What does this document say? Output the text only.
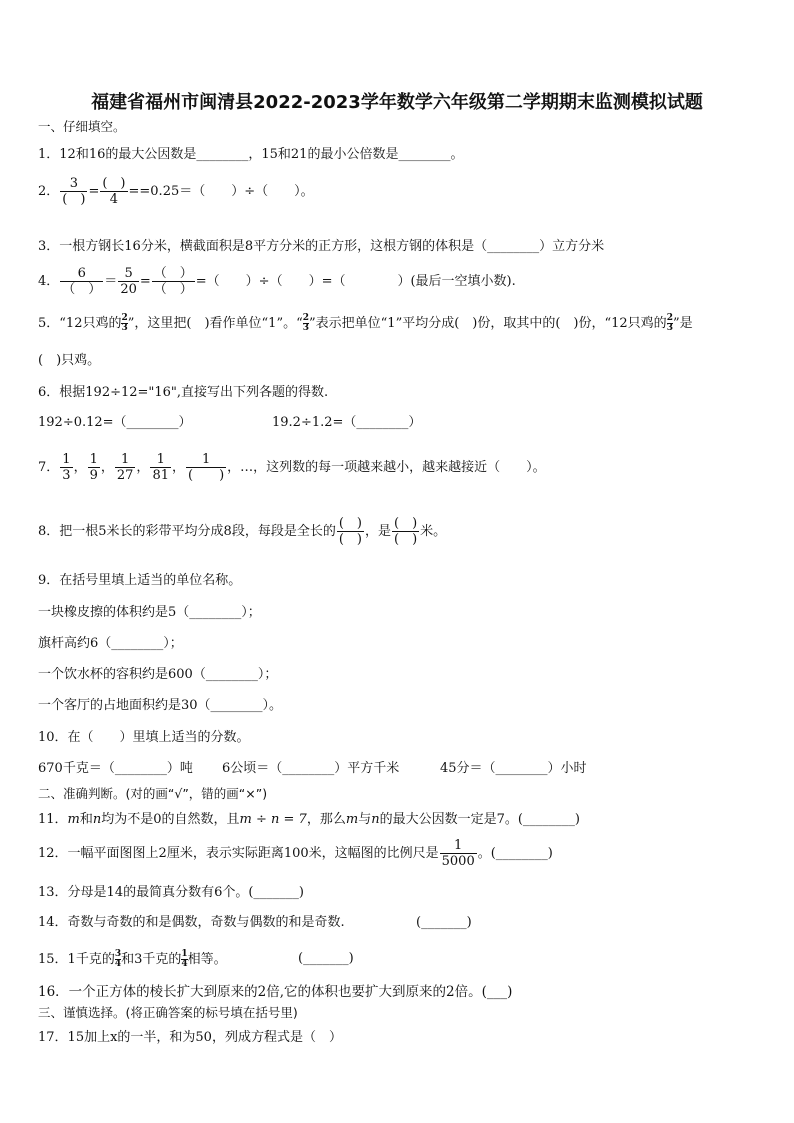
福建省福州市闽清县2022-2023学年数学六年级第二学期期末监测模拟试题
一、仔细填空。
1．12和16的最大公因数是________，15和21的最小公倍数是________。
2．
3
(　)
=
(　)
4
==0.25＝（　　）÷（　　）。
3．一根方钢长16分米，横截面积是8平方分米的正方形，这根方钢的体积是（________）立方分米
4．
6
（　）
＝ $\frac{5}{20}$ =
（　）
（　）
=（　　）÷（　　）=（　　　　）(最后一空填小数).
5．“12只鸡的 $\frac{2}{3}$ ”，这里把(　)看作单位“1”。“ $\frac{2}{3}$ ”表示把单位“1”平均分成(　)份，取其中的(　)份，“12只鸡的 $\frac{2}{3}$ ”是
(　)只鸡。
6．根据192÷12="16",直接写出下列各题的得数.
192÷0.12=（________）	19.2÷1.2=（________）
7． $\frac{1}{3}$ ， $\frac{1}{9}$ ， $\frac{1}{27}$ ， $\frac{1}{81}$ ，
1
(　　)
，…，这列数的每一项越来越小，越来越接近（　　）。
8．把一根5米长的彩带平均分成8段，每段是全长的
(　)
(　)
，是
(　)
(　)
米。
9．在括号里填上适当的单位名称。
一块橡皮擦的体积约是5（________）；
旗杆高约6（________）；
一个饮水杯的容积约是600（________）；
一个客厅的占地面积约是30（________）。
10．在（　　）里填上适当的分数。
670千克＝（________）吨 6公顷＝（________）平方千米	45分＝（________）小时
二、准确判断。(对的画“√”，错的画“×”)
11．m和n均为不是0的自然数，且m ÷ n = 7，那么m与n的最大公因数一定是7。(________)
12．一幅平面图图上2厘米，表示实际距离100米，这幅图的比例尺是 $\frac{1}{5000}$ 。(________)
13．分母是14的最简真分数有6个。(_______)
14．奇数与奇数的和是偶数，奇数与偶数的和是奇数.	(_______)
15．1千克的 $\frac{3}{4}$ 和3千克的 $\frac{1}{4}$ 相等。	(_______)
16．一个正方体的棱长扩大到原来的2倍,它的体积也要扩大到原来的2倍。(___)
三、谨慎选择。(将正确答案的标号填在括号里)
17．15加上x的一半，和为50，列成方程式是（　）
